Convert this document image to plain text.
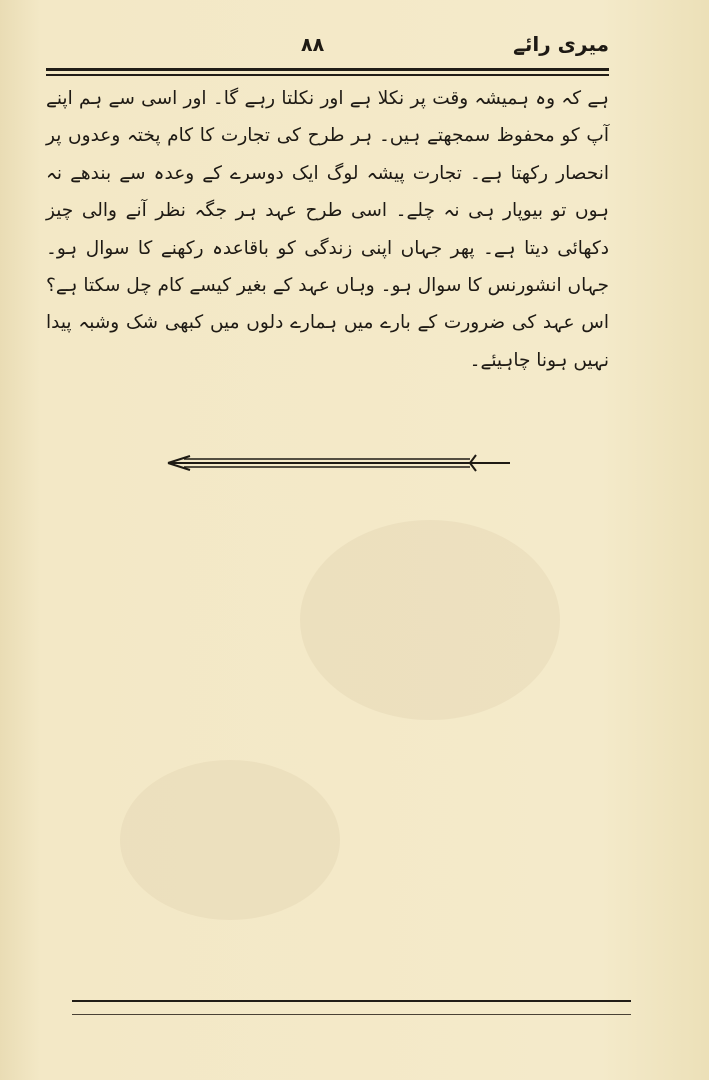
میری رائے
۸۸

ہے کہ وہ ہمیشہ وقت پر نکلا ہے اور نکلتا رہے گا۔ اور اسی سے ہم اپنے آپ کو محفوظ سمجھتے ہیں۔ ہر طرح کی تجارت کا کام پختہ وعدوں پر انحصار رکھتا ہے۔ تجارت پیشہ لوگ ایک دوسرے کے وعدہ سے بندھے نہ ہوں تو بیوپار ہی نہ چلے۔ اسی طرح عہد ہر جگہ نظر آنے والی چیز دکھائی دیتا ہے۔ پھر جہاں اپنی زندگی کو باقاعدہ رکھنے کا سوال ہو۔ جہاں انشورنس کا سوال ہو۔ وہاں عہد کے بغیر کیسے کام چل سکتا ہے؟ اس عہد کی ضرورت کے بارے میں ہمارے دلوں میں کبھی شک وشبہ پیدا نہیں ہونا چاہیئے۔
